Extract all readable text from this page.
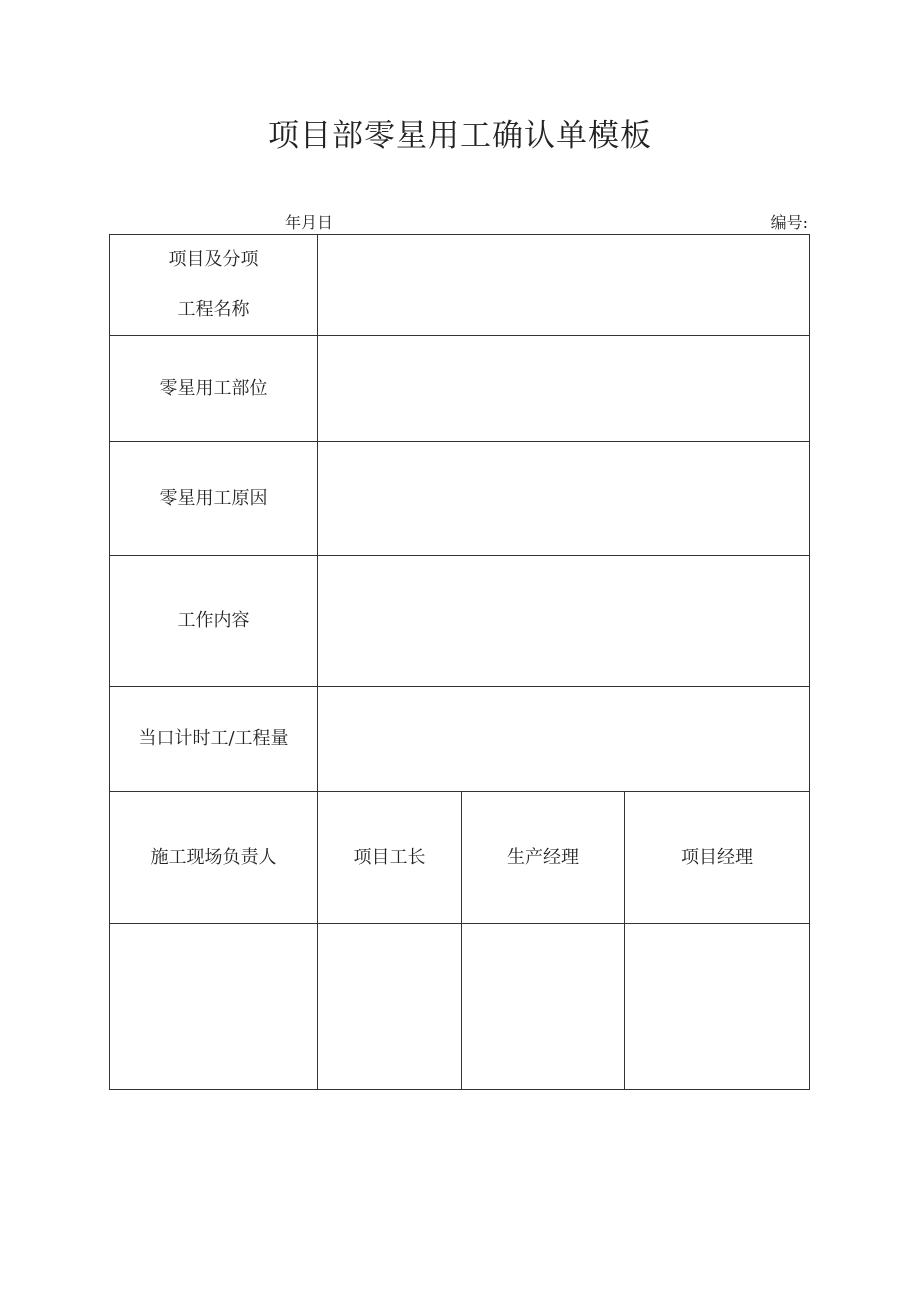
项目部零星用工确认单模板
年月日	编号:
项目及分项
工程名称			

零星用工部位			
零星用工原因			
工作内容			
当口计时工/工程量			
施工现场负责人	项目工长	生产经理	项目经理
